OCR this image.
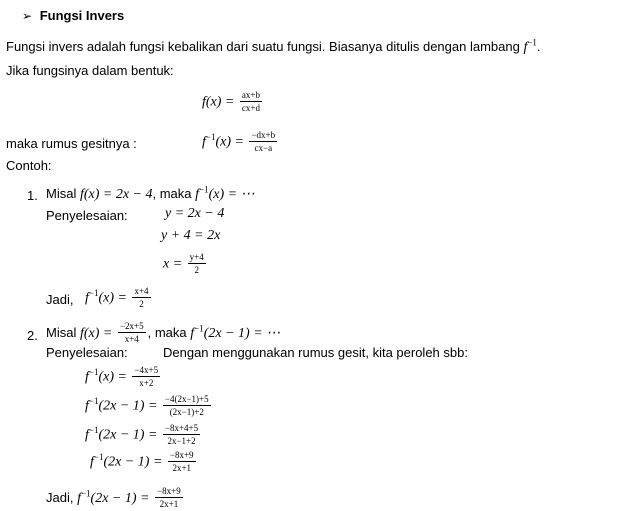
➢ Fungsi Invers
Fungsi invers adalah fungsi kebalikan dari suatu fungsi. Biasanya ditulis dengan lambang $f^{-1}$.
Jika fungsinya dalam bentuk:
$f(x) = \frac{ax+b}{cx+d}$
maka rumus gesitnya :	$f^{-1}(x) = \frac{-dx+b}{cx-a}$
Contoh:
1. Misal f(x) = 2x − 4, maka $f^{-1}(x)$ = ⋯
Penyelesaian:	y = 2x − 4
y + 4 = 2x
$x = \frac{y+4}{2}$
Jadi, $f^{-1}(x) = \frac{x+4}{2}$
2. Misal $f(x) = \frac{-2x+5}{x+4}$ , maka $f^{-1}(2x - 1)$ = ⋯
Penyelesaian:	Dengan menggunakan rumus gesit, kita peroleh sbb:
$f^{-1}(x) = \frac{-4x+5}{x+2}$
$f^{-1}(2x - 1) = \frac{-4(2x-1)+5}{(2x-1)+2}$
$f^{-1}(2x - 1) = \frac{-8x+4+5}{2x-1+2}$
$f^{-1}(2x - 1) = \frac{-8x+9}{2x+1}$
Jadi, $f^{-1}(2x - 1) = \frac{-8x+9}{2x+1}$
